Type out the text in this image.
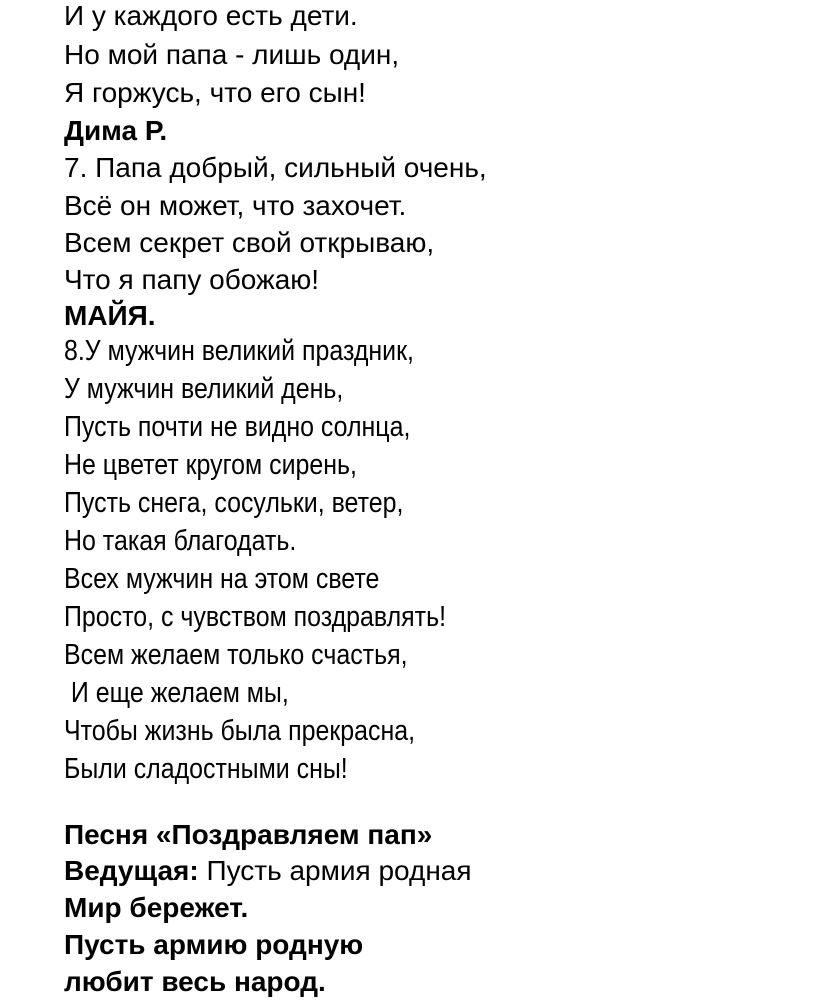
И у каждого есть дети.

Но мой папа - лишь один,

Я горжусь, что его сын!

Дима Р.

7. Папа добрый, сильный очень,

Всё он может, что захочет.

Всем секрет свой открываю,

Что я папу обожаю!

МАЙЯ.

8.У мужчин великий праздник,
У мужчин великий день,
Пусть почти не видно солнца,
Не цветет кругом сирень,
Пусть снега, сосульки, ветер,
Но такая благодать.
Всех мужчин на этом свете
Просто, с чувством поздравлять!
Всем желаем только счастья,
И еще желаем мы,
Чтобы жизнь была прекрасна,
Были сладостными сны!

Песня «Поздравляем пап»

Ведущая: Пусть армия родная

Мир бережет.

Пусть армию родную

любит весь народ.
